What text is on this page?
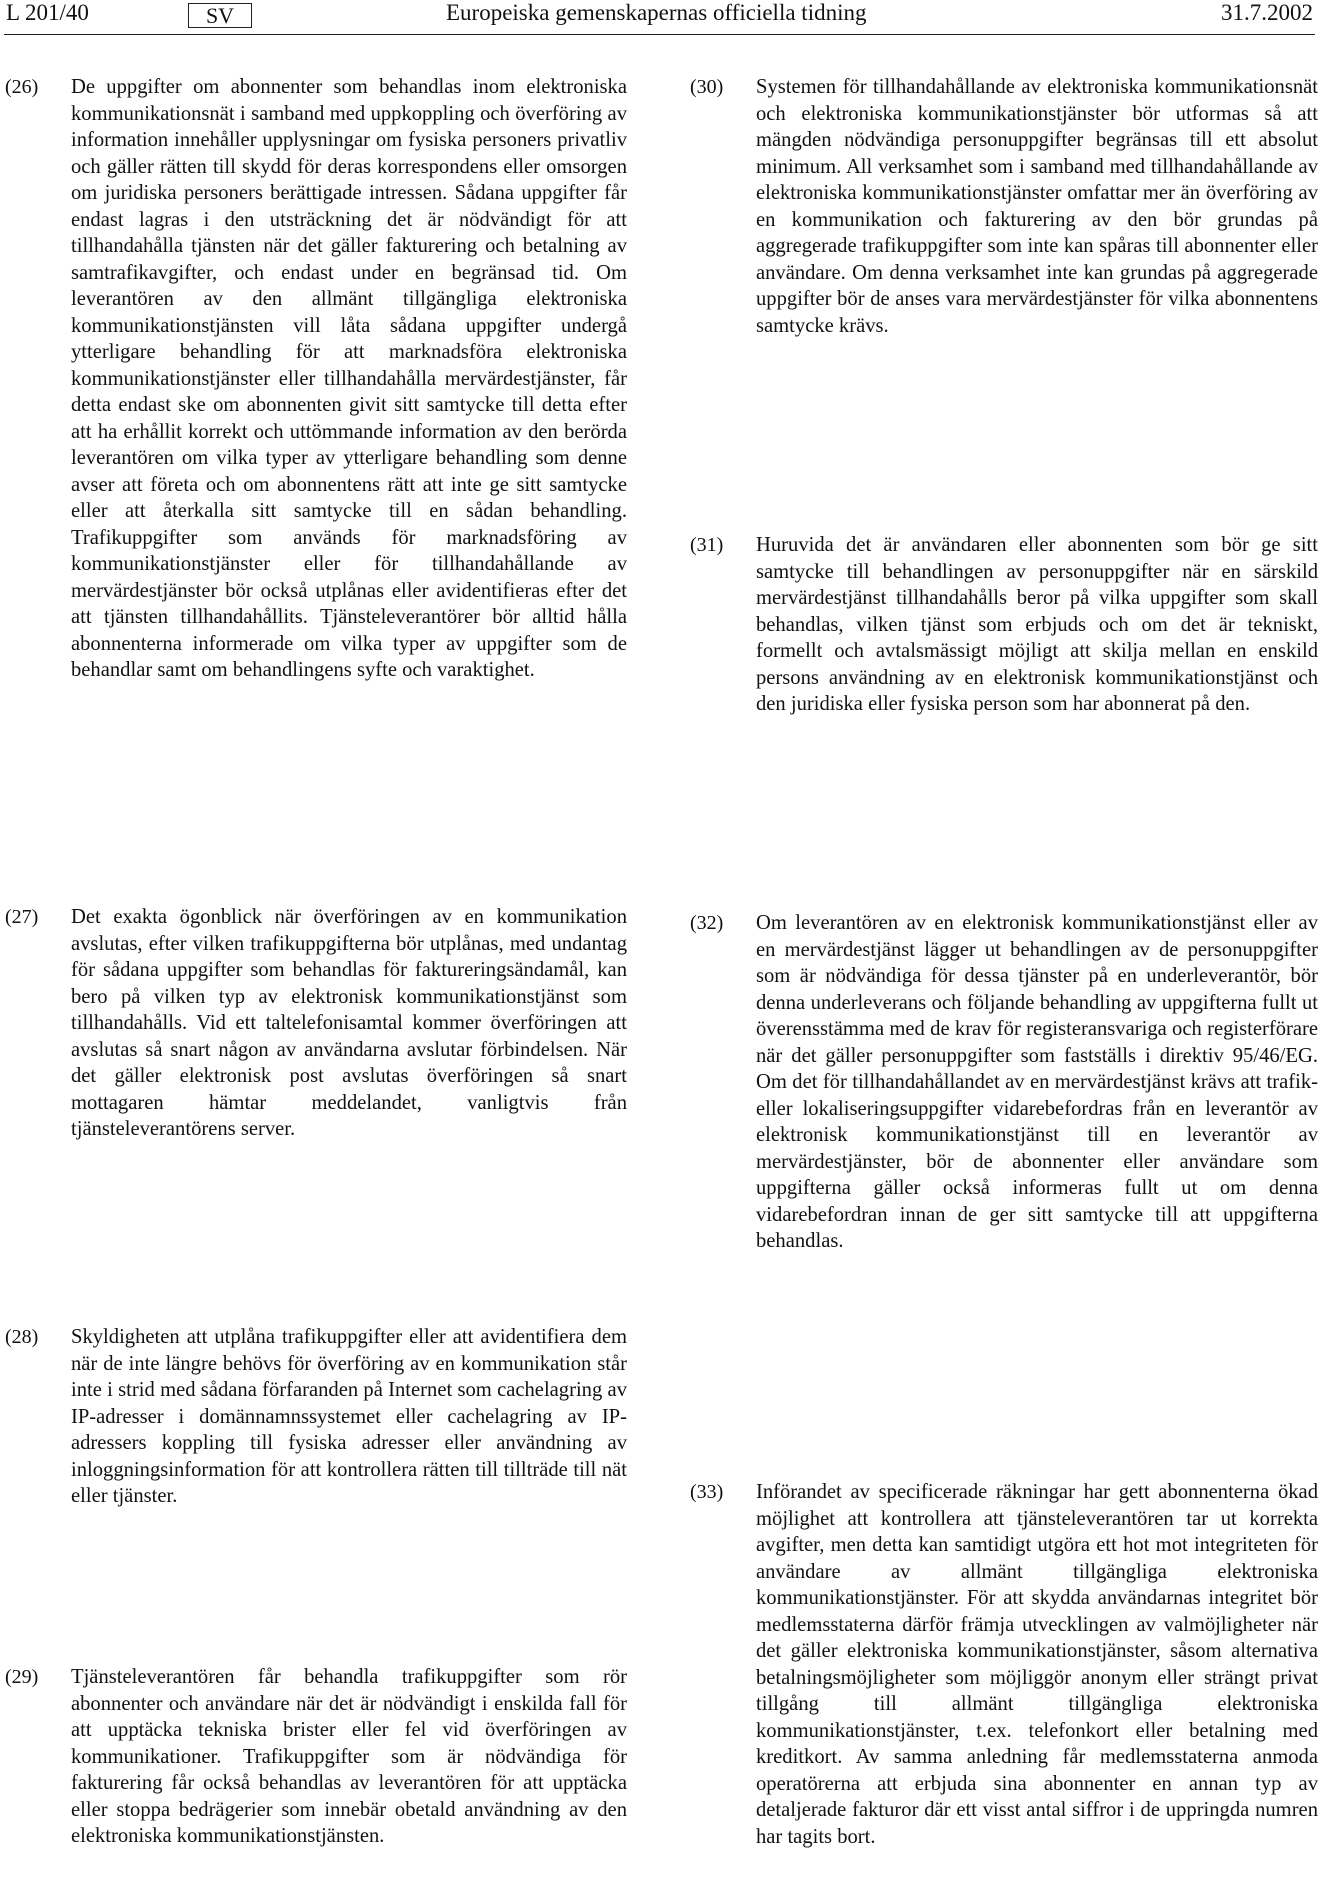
L 201/40	SV	Europeiska gemenskapernas officiella tidning	31.7.2002
(26) De uppgifter om abonnenter som behandlas inom elektroniska kommunikationsnät i samband med uppkoppling och överföring av information innehåller upplysningar om fysiska personers privatliv och gäller rätten till skydd för deras korrespondens eller omsorgen om juridiska personers berättigade intressen. Sådana uppgifter får endast lagras i den utsträckning det är nödvändigt för att tillhandahålla tjänsten när det gäller fakturering och betalning av samtrafikavgifter, och endast under en begränsad tid. Om leverantören av den allmänt tillgängliga elektroniska kommunikationstjänsten vill låta sådana uppgifter undergå ytterligare behandling för att marknadsföra elektroniska kommunikationstjänster eller tillhandahålla mervärdestjänster, får detta endast ske om abonnenten givit sitt samtycke till detta efter att ha erhållit korrekt och uttömmande information av den berörda leverantören om vilka typer av ytterligare behandling som denne avser att företa och om abonnentens rätt att inte ge sitt samtycke eller att återkalla sitt samtycke till en sådan behandling. Trafikuppgifter som används för marknadsföring av kommunikationstjänster eller för tillhandahållande av mervärdestjänster bör också utplånas eller avidentifieras efter det att tjänsten tillhandahållits. Tjänsteleverantörer bör alltid hålla abonnenterna informerade om vilka typer av uppgifter som de behandlar samt om behandlingens syfte och varaktighet.
(27) Det exakta ögonblick när överföringen av en kommunikation avslutas, efter vilken trafikuppgifterna bör utplånas, med undantag för sådana uppgifter som behandlas för faktureringsändamål, kan bero på vilken typ av elektronisk kommunikationstjänst som tillhandahålls. Vid ett taltelefonisamtal kommer överföringen att avslutas så snart någon av användarna avslutar förbindelsen. När det gäller elektronisk post avslutas överföringen så snart mottagaren hämtar meddelandet, vanligtvis från tjänsteleverantörens server.
(28) Skyldigheten att utplåna trafikuppgifter eller att avidentifiera dem när de inte längre behövs för överföring av en kommunikation står inte i strid med sådana förfaranden på Internet som cachelagring av IP-adresser i domännamnssystemet eller cachelagring av IP-adressers koppling till fysiska adresser eller användning av inloggningsinformation för att kontrollera rätten till tillträde till nät eller tjänster.
(29) Tjänsteleverantören får behandla trafikuppgifter som rör abonnenter och användare när det är nödvändigt i enskilda fall för att upptäcka tekniska brister eller fel vid överföringen av kommunikationer. Trafikuppgifter som är nödvändiga för fakturering får också behandlas av leverantören för att upptäcka eller stoppa bedrägerier som innebär obetald användning av den elektroniska kommunikationstjänsten.
(30) Systemen för tillhandahållande av elektroniska kommunikationsnät och elektroniska kommunikationstjänster bör utformas så att mängden nödvändiga personuppgifter begränsas till ett absolut minimum. All verksamhet som i samband med tillhandahållande av elektroniska kommunikationstjänster omfattar mer än överföring av en kommunikation och fakturering av den bör grundas på aggregerade trafikuppgifter som inte kan spåras till abonnenter eller användare. Om denna verksamhet inte kan grundas på aggregerade uppgifter bör de anses vara mervärdestjänster för vilka abonnentens samtycke krävs.
(31) Huruvida det är användaren eller abonnenten som bör ge sitt samtycke till behandlingen av personuppgifter när en särskild mervärdestjänst tillhandahålls beror på vilka uppgifter som skall behandlas, vilken tjänst som erbjuds och om det är tekniskt, formellt och avtalsmässigt möjligt att skilja mellan en enskild persons användning av en elektronisk kommunikationstjänst och den juridiska eller fysiska person som har abonnerat på den.
(32) Om leverantören av en elektronisk kommunikationstjänst eller av en mervärdestjänst lägger ut behandlingen av de personuppgifter som är nödvändiga för dessa tjänster på en underleverantör, bör denna underleverans och följande behandling av uppgifterna fullt ut överensstämma med de krav för registeransvariga och registerförare när det gäller personuppgifter som fastställs i direktiv 95/46/EG. Om det för tillhandahållandet av en mervärdestjänst krävs att trafik- eller lokaliseringsuppgifter vidarebefordras från en leverantör av elektronisk kommunikationstjänst till en leverantör av mervärdestjänster, bör de abonnenter eller användare som uppgifterna gäller också informeras fullt ut om denna vidarebefordran innan de ger sitt samtycke till att uppgifterna behandlas.
(33) Införandet av specificerade räkningar har gett abonnenterna ökad möjlighet att kontrollera att tjänsteleverantören tar ut korrekta avgifter, men detta kan samtidigt utgöra ett hot mot integriteten för användare av allmänt tillgängliga elektroniska kommunikationstjänster. För att skydda användarnas integritet bör medlemsstaterna därför främja utvecklingen av valmöjligheter när det gäller elektroniska kommunikationstjänster, såsom alternativa betalningsmöjligheter som möjliggör anonym eller strängt privat tillgång till allmänt tillgängliga elektroniska kommunikationstjänster, t.ex. telefonkort eller betalning med kreditkort. Av samma anledning får medlemsstaterna anmoda operatörerna att erbjuda sina abonnenter en annan typ av detaljerade fakturor där ett visst antal siffror i de uppringda numren har tagits bort.
